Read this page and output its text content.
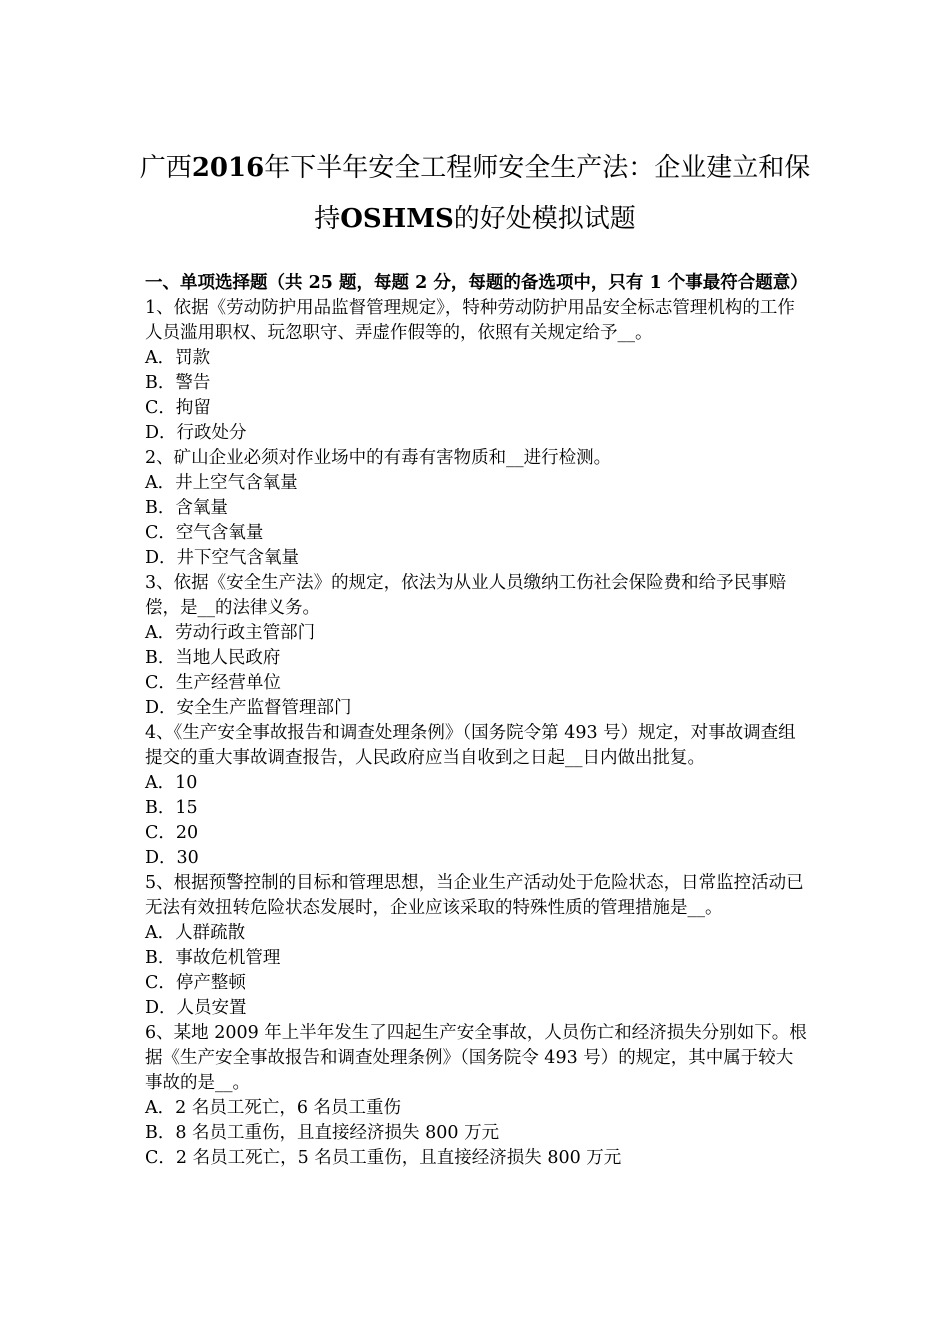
广西2016年下半年安全工程师安全生产法：企业建立和保
持OSHMS的好处模拟试题
一、单项选择题（共 25 题，每题 2 分，每题的备选项中，只有 1 个事最符合题意）
1、依据《劳动防护用品监督管理规定》，特种劳动防护用品安全标志管理机构的工作人员滥用职权、玩忽职守、弄虚作假等的，依照有关规定给予__。
A．罚款
B．警告
C．拘留
D．行政处分
2、矿山企业必须对作业场中的有毒有害物质和__进行检测。
A．井上空气含氧量
B．含氧量
C．空气含氧量
D．井下空气含氧量
3、依据《安全生产法》的规定，依法为从业人员缴纳工伤社会保险费和给予民事赔偿，是__的法律义务。
A．劳动行政主管部门
B．当地人民政府
C．生产经营单位
D．安全生产监督管理部门
4、《生产安全事故报告和调查处理条例》（国务院令第 493 号）规定，对事故调查组提交的重大事故调查报告，人民政府应当自收到之日起__日内做出批复。
A．10
B．15
C．20
D．30
5、根据预警控制的目标和管理思想，当企业生产活动处于危险状态，日常监控活动已无法有效扭转危险状态发展时，企业应该采取的特殊性质的管理措施是__。
A．人群疏散
B．事故危机管理
C．停产整顿
D．人员安置
6、某地 2009 年上半年发生了四起生产安全事故，人员伤亡和经济损失分别如下。根据《生产安全事故报告和调查处理条例》（国务院令 493 号）的规定，其中属于较大事故的是__。
A．2 名员工死亡，6 名员工重伤
B．8 名员工重伤，且直接经济损失 800 万元
C．2 名员工死亡，5 名员工重伤，且直接经济损失 800 万元
